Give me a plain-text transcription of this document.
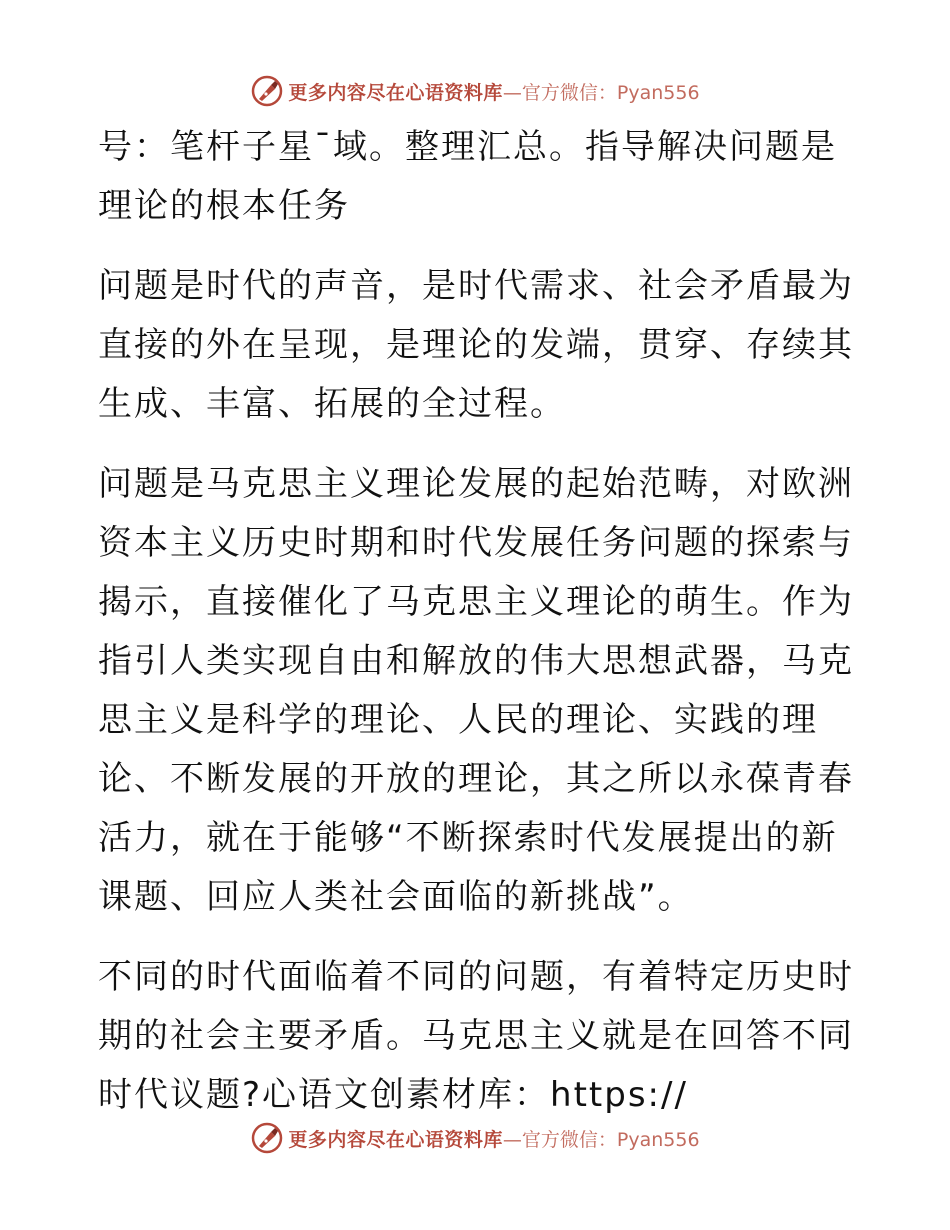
更多内容尽在心语资料库 —官方微信：Pyan556

号：笔杆子星¯域。整理汇总。指导解决问题是理论的根本任务

问题是时代的声音，是时代需求、社会矛盾最为直接的外在呈现，是理论的发端，贯穿、存续其生成、丰富、拓展的全过程。

问题是马克思主义理论发展的起始范畴，对欧洲资本主义历史时期和时代发展任务问题的探索与揭示，直接催化了马克思主义理论的萌生。作为指引人类实现自由和解放的伟大思想武器，马克思主义是科学的理论、人民的理论、实践的理论、不断发展的开放的理论，其之所以永葆青春活力，就在于能够“不断探索时代发展提出的新课题、回应人类社会面临的新挑战”。

不同的时代面临着不同的问题，有着特定历史时期的社会主要矛盾。马克思主义就是在回答不同时代议题?心语文创素材库：https://

更多内容尽在心语资料库 —官方微信：Pyan556
